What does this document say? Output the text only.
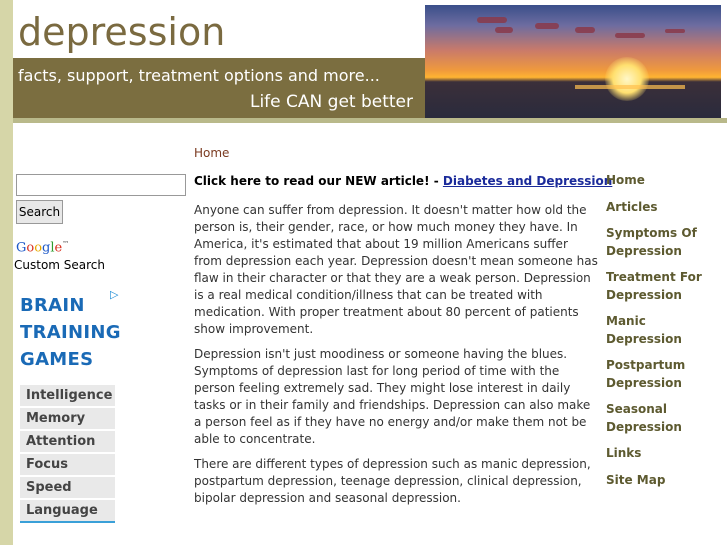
depression
facts, support, treatment options and more...
Life CAN get better
Search
Google™
Custom Search
▷
BRAIN
TRAINING
GAMES
Intelligence
Memory
Attention
Focus
Speed
Language
Home
Click here to read our NEW article! - Diabetes and Depression

Anyone can suffer from depression. It doesn't matter how old the person is, their gender, race, or how much money they have. In America, it's estimated that about 19 million Americans suffer from depression each year. Depression doesn't mean someone has flaw in their character or that they are a weak person. Depression is a real medical condition/illness that can be treated with medication. With proper treatment about 80 percent of patients show improvement.

Depression isn't just moodiness or someone having the blues. Symptoms of depression last for long period of time with the person feeling extremely sad. They might lose interest in daily tasks or in their family and friendships. Depression can also make a person feel as if they have no energy and/or make them not be able to concentrate.

There are different types of depression such as manic depression, postpartum depression, teenage depression, clinical depression, bipolar depression and seasonal depression.

Home
Articles
Symptoms Of
Depression
Treatment For
Depression
Manic Depression
Postpartum
Depression
Seasonal
Depression
Links
Site Map
